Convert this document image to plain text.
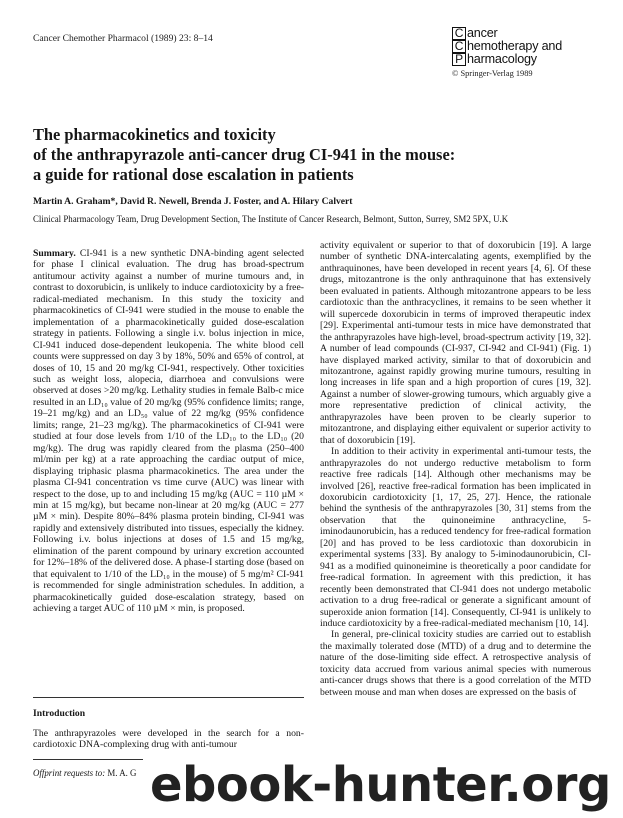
Cancer Chemother Pharmacol (1989) 23: 8–14	C ancer
C hemotherapy and
P harmacology
© Springer-Verlag 1989
The pharmacokinetics and toxicity
of the anthrapyrazole anti-cancer drug CI-941 in the mouse:
a guide for rational dose escalation in patients
Martin A. Graham*, David R. Newell, Brenda J. Foster, and A. Hilary Calvert
Clinical Pharmacology Team, Drug Development Section, The Institute of Cancer Research, Belmont, Sutton, Surrey, SM2 5PX, U.K

Summary. CI-941 is a new synthetic DNA-binding agent selected for phase I clinical evaluation. The drug has broad-spectrum antitumour activity against a number of murine tumours and, in contrast to doxorubicin, is unlikely to induce cardiotoxicity by a free-radical-mediated mechanism. In this study the toxicity and pharmacokinetics of CI-941 were studied in the mouse to enable the implementation of a pharmacokinetically guided dose-escalation strategy in patients. Following a single i.v. bolus injection in mice, CI-941 induced dose-dependent leukopenia. The white blood cell counts were suppressed on day 3 by 18%, 50% and 65% of control, at doses of 10, 15 and 20 mg/kg CI-941, respectively. Other toxicities such as weight loss, alopecia, diarrhoea and convulsions were observed at doses >20 mg/kg. Lethality studies in female Balb-c mice resulted in an LD₁₀ value of 20 mg/kg (95% confidence limits; range, 19–21 mg/kg) and an LD₅₀ value of 22 mg/kg (95% confidence limits; range, 21–23 mg/kg). The pharmacokinetics of CI-941 were studied at four dose levels from 1/10 of the LD₁₀ to the LD₁₀ (20 mg/kg). The drug was rapidly cleared from the plasma (250–400 ml/min per kg) at a rate approaching the cardiac output of mice, displaying triphasic plasma pharmacokinetics. The area under the plasma CI-941 concentration vs time curve (AUC) was linear with respect to the dose, up to and including 15 mg/kg (AUC = 110 µM × min at 15 mg/kg), but became non-linear at 20 mg/kg (AUC = 277 µM × min). Despite 80%–84% plasma protein binding, CI-941 was rapidly and extensively distributed into tissues, especially the kidney. Following i.v. bolus injections at doses of 1.5 and 15 mg/kg, elimination of the parent compound by urinary excretion accounted for 12%–18% of the delivered dose. A phase-I starting dose (based on that equivalent to 1/10 of the LD₁₀ in the mouse) of 5 mg/m² CI-941 is recommended for single administration schedules. In addition, a pharmacokinetically guided dose-escalation strategy, based on achieving a target AUC of 110 µM × min, is proposed.

Introduction
The anthrapyrazoles were developed in the search for a non-cardiotoxic DNA-complexing drug with anti-tumour
Offprint requests to: M. A. G

activity equivalent or superior to that of doxorubicin [19]. A large number of synthetic DNA-intercalating agents, exemplified by the anthraquinones, have been developed in recent years [4, 6]. Of these drugs, mitozantrone is the only anthraquinone that has extensively been evaluated in patients. Although mitozantrone appears to be less cardiotoxic than the anthracyclines, it remains to be seen whether it will supercede doxorubicin in terms of improved therapeutic index [29]. Experimental anti-tumour tests in mice have demonstrated that the anthrapyrazoles have high-level, broad-spectrum activity [19, 32]. A number of lead compounds (CI-937, CI-942 and CI-941) (Fig. 1) have displayed marked activity, similar to that of doxorubicin and mitozantrone, against rapidly growing murine tumours, resulting in long increases in life span and a high proportion of cures [19, 32]. Against a number of slower-growing tumours, which arguably give a more representative prediction of clinical activity, the anthrapyrazoles have been proven to be clearly superior to mitozantrone, and displaying either equivalent or superior activity to that of doxorubicin [19].

In addition to their activity in experimental anti-tumour tests, the anthrapyrazoles do not undergo reductive metabolism to form reactive free radicals [14]. Although other mechanisms may be involved [26], reactive free-radical formation has been implicated in doxorubicin cardiotoxicity [1, 17, 25, 27]. Hence, the rationale behind the synthesis of the anthrapyrazoles [30, 31] stems from the observation that the quinoneimine anthracycline, 5-iminodaunorubicin, has a reduced tendency for free-radical formation [20] and has proved to be less cardiotoxic than doxorubicin in experimental systems [33]. By analogy to 5-iminodaunorubicin, CI-941 as a modified quinoneimine is theoretically a poor candidate for free-radical formation. In agreement with this prediction, it has recently been demonstrated that CI-941 does not undergo metabolic activation to a drug free-radical or generate a significant amount of superoxide anion formation [14]. Consequently, CI-941 is unlikely to induce cardiotoxicity by a free-radical-mediated mechanism [10, 14].

In general, pre-clinical toxicity studies are carried out to establish the maximally tolerated dose (MTD) of a drug and to determine the nature of the dose-limiting side effect. A retrospective analysis of toxicity data accrued from various animal species with numerous anti-cancer drugs shows that there is a good correlation of the MTD between mouse and man when doses are expressed on the basis of

ebook-hunter.org
